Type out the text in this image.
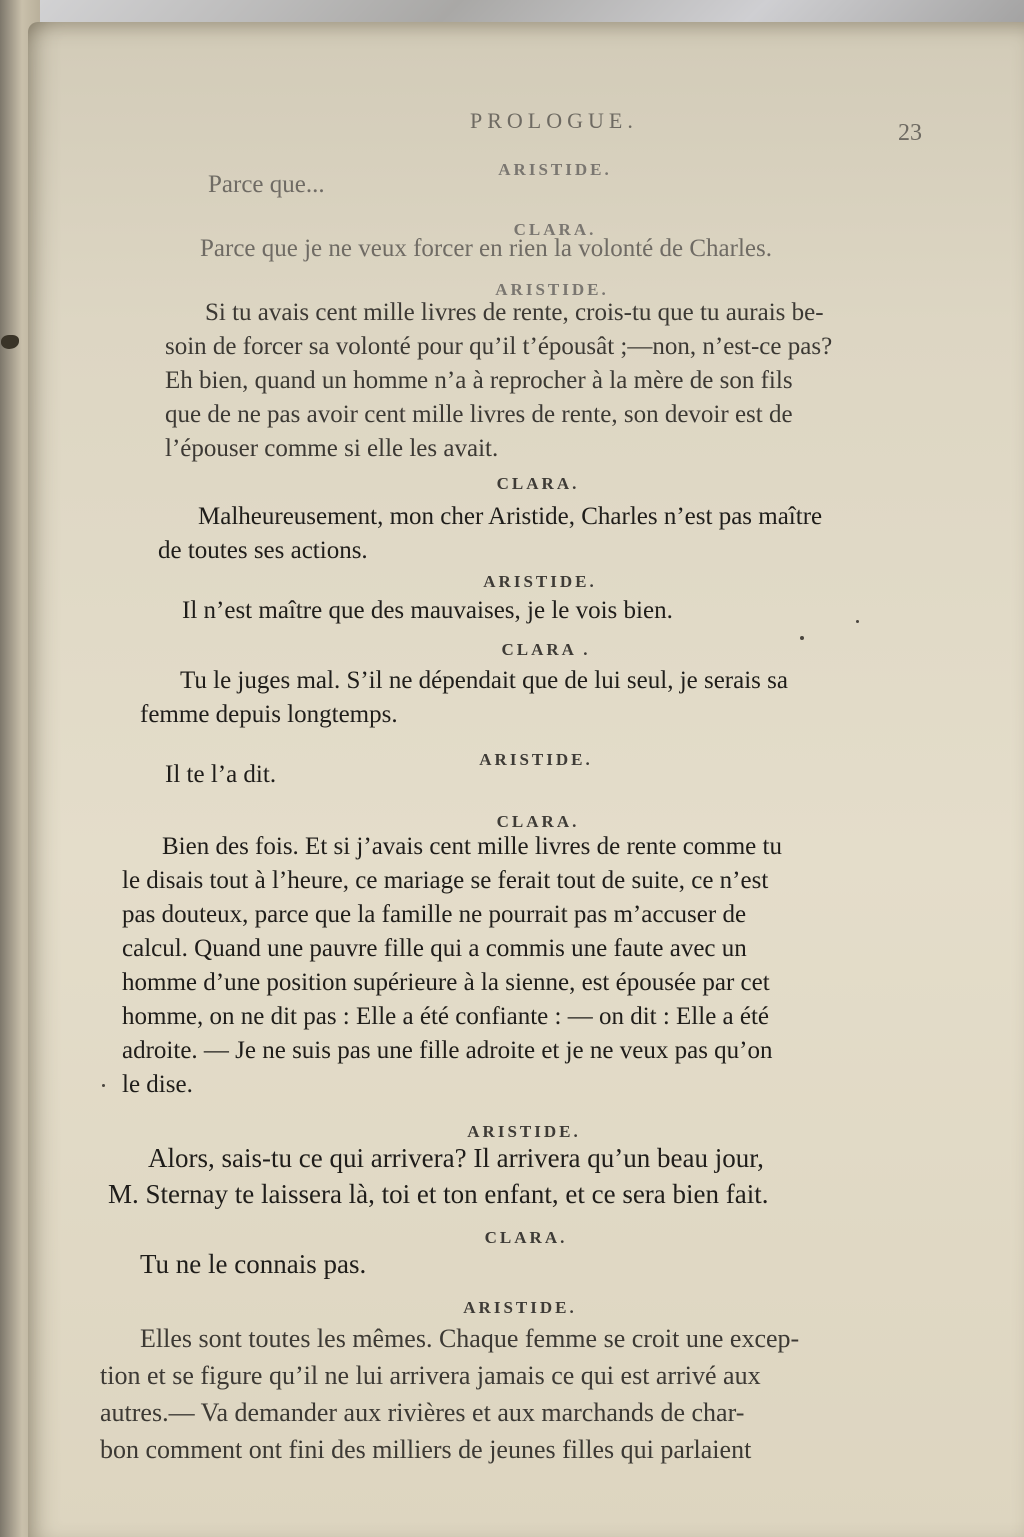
PROLOGUE.	23
ARISTIDE.
Parce que...
CLARA.
Parce que je ne veux forcer en rien la volonté de Charles.
ARISTIDE.
Si tu avais cent mille livres de rente, crois-tu que tu aurais be-
soin de forcer sa volonté pour qu’il t’épousât ;—non, n’est-ce pas?
Eh bien, quand un homme n’a à reprocher à la mère de son fils
que de ne pas avoir cent mille livres de rente, son devoir est de
l’épouser comme si elle les avait.
CLARA.
Malheureusement, mon cher Aristide, Charles n’est pas maître
de toutes ses actions.
ARISTIDE.
Il n’est maître que des mauvaises, je le vois bien.
CLARA .
Tu le juges mal. S’il ne dépendait que de lui seul, je serais sa
femme depuis longtemps.
ARISTIDE.
Il te l’a dit.
CLARA.
Bien des fois. Et si j’avais cent mille livres de rente comme tu
le disais tout à l’heure, ce mariage se ferait tout de suite, ce n’est
pas douteux, parce que la famille ne pourrait pas m’accuser de
calcul. Quand une pauvre fille qui a commis une faute avec un
homme d’une position supérieure à la sienne, est épousée par cet
homme, on ne dit pas : Elle a été confiante : — on dit : Elle a été
adroite. — Je ne suis pas une fille adroite et je ne veux pas qu’on
le dise.
ARISTIDE.
Alors, sais-tu ce qui arrivera? Il arrivera qu’un beau jour,
M. Sternay te laissera là, toi et ton enfant, et ce sera bien fait.
CLARA.
Tu ne le connais pas.
ARISTIDE.
Elles sont toutes les mêmes. Chaque femme se croit une excep-
tion et se figure qu’il ne lui arrivera jamais ce qui est arrivé aux
autres.— Va demander aux rivières et aux marchands de char-
bon comment ont fini des milliers de jeunes filles qui parlaient
